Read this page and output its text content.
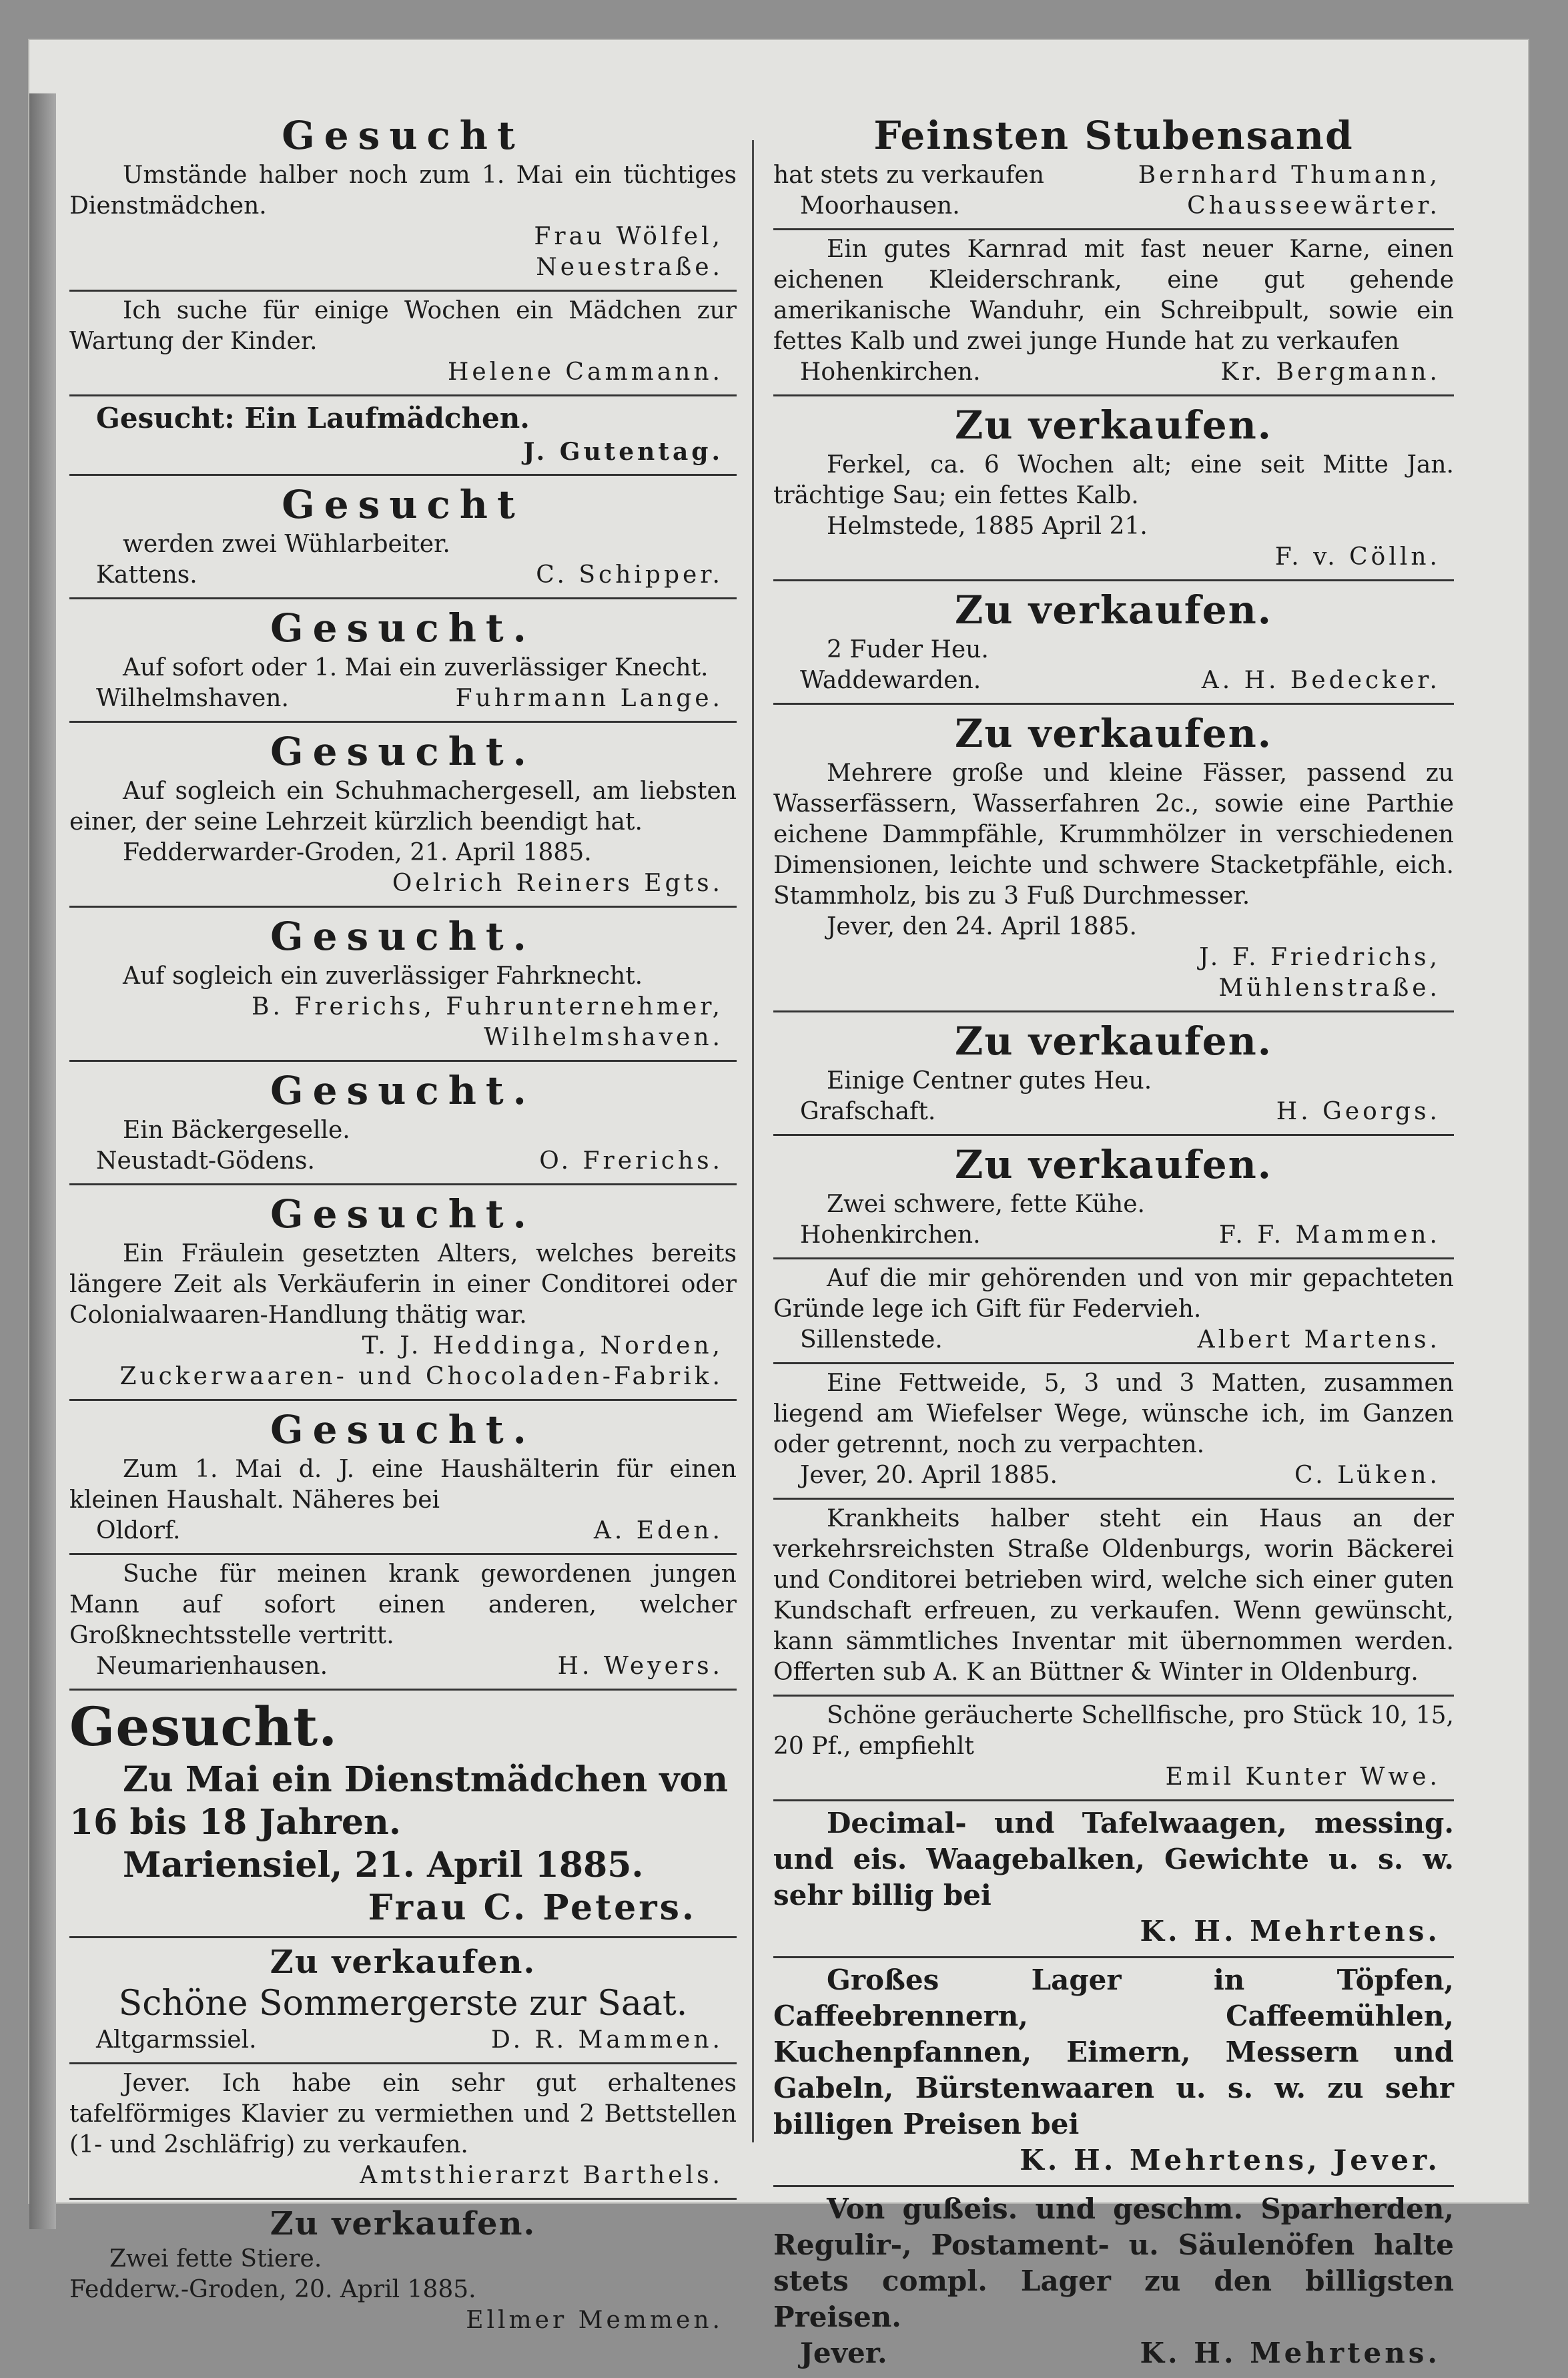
Gesucht

Umstände halber noch zum 1. Mai ein tüchtiges Dienstmädchen.

Frau Wölfel,

Neuestraße.

Ich suche für einige Wochen ein Mädchen zur Wartung der Kinder.

Helene Cammann.

Gesucht: Ein Laufmädchen.

J. Gutentag.

Gesucht

werden zwei Wühlarbeiter.

Kattens.	C. Schipper.

Gesucht.

Auf sofort oder 1. Mai ein zuverlässiger Knecht.

Wilhelmshaven.	Fuhrmann Lange.

Gesucht.

Auf sogleich ein Schuhmachergesell, am liebsten einer, der seine Lehrzeit kürzlich beendigt hat.

Fedderwarder-Groden, 21. April 1885.

Oelrich Reiners Egts.

Gesucht.

Auf sogleich ein zuverlässiger Fahrknecht.

B. Frerichs, Fuhrunternehmer,

Wilhelmshaven.

Gesucht.

Ein Bäckergeselle.

Neustadt-Gödens.	O. Frerichs.

Gesucht.

Ein Fräulein gesetzten Alters, welches bereits längere Zeit als Verkäuferin in einer Conditorei oder Colonialwaaren-Handlung thätig war.

T. J. Heddinga, Norden,

Zuckerwaaren- und Chocoladen-Fabrik.

Gesucht.

Zum 1. Mai d. J. eine Haushälterin für einen kleinen Haushalt. Näheres bei

Oldorf.	A. Eden.

Suche für meinen krank gewordenen jungen Mann auf sofort einen anderen, welcher Großknechtsstelle vertritt.

Neumarienhausen.	H. Weyers.

Gesucht.

Zu Mai ein Dienstmädchen von 16 bis 18 Jahren.

Mariensiel, 21. April 1885.

Frau C. Peters.

Zu verkaufen.

Schöne Sommergerste zur Saat.

Altgarmssiel.	D. R. Mammen.

Jever. Ich habe ein sehr gut erhaltenes tafelförmiges Klavier zu vermiethen und 2 Bettstellen (1- und 2schläfrig) zu verkaufen.

Amtsthierarzt Barthels.

Zu verkaufen.

Zwei fette Stiere.

Fedderw.-Groden, 20. April 1885.

Ellmer Memmen.

Feinsten Stubensand

hat stets zu verkaufen	Bernhard Thumann,

Moorhausen.	Chausseewärter.

Ein gutes Karnrad mit fast neuer Karne, einen eichenen Kleiderschrank, eine gut gehende amerikanische Wanduhr, ein Schreibpult, sowie ein fettes Kalb und zwei junge Hunde hat zu verkaufen

Hohenkirchen.	Kr. Bergmann.

Zu verkaufen.

Ferkel, ca. 6 Wochen alt; eine seit Mitte Jan. trächtige Sau; ein fettes Kalb.

Helmstede, 1885 April 21.

F. v. Cölln.

Zu verkaufen.

2 Fuder Heu.

Waddewarden.	A. H. Bedecker.

Zu verkaufen.

Mehrere große und kleine Fässer, passend zu Wasserfässern, Wasserfahren 2c., sowie eine Parthie eichene Dammpfähle, Krummhölzer in verschiedenen Dimensionen, leichte und schwere Stacketpfähle, eich. Stammholz, bis zu 3 Fuß Durchmesser.

Jever, den 24. April 1885.

J. F. Friedrichs,

Mühlenstraße.

Zu verkaufen.

Einige Centner gutes Heu.

Grafschaft.	H. Georgs.

Zu verkaufen.

Zwei schwere, fette Kühe.

Hohenkirchen.	F. F. Mammen.

Auf die mir gehörenden und von mir gepachteten Gründe lege ich Gift für Federvieh.

Sillenstede.	Albert Martens.

Eine Fettweide, 5, 3 und 3 Matten, zusammen liegend am Wiefelser Wege, wünsche ich, im Ganzen oder getrennt, noch zu verpachten.

Jever, 20. April 1885.	C. Lüken.

Krankheits halber steht ein Haus an der verkehrsreichsten Straße Oldenburgs, worin Bäckerei und Conditorei betrieben wird, welche sich einer guten Kundschaft erfreuen, zu verkaufen. Wenn gewünscht, kann sämmtliches Inventar mit übernommen werden. Offerten sub A. K an Büttner & Winter in Oldenburg.

Schöne geräucherte Schellfische, pro Stück 10, 15, 20 Pf., empfiehlt

Emil Kunter Wwe.

Decimal- und Tafelwaagen, messing. und eis. Waagebalken, Gewichte u. s. w. sehr billig bei

K. H. Mehrtens.

Großes Lager in Töpfen, Caffeebrennern, Caffeemühlen, Kuchenpfannen, Eimern, Messern und Gabeln, Bürstenwaaren u. s. w. zu sehr billigen Preisen bei

K. H. Mehrtens, Jever.

Von gußeis. und geschm. Sparherden, Regulir-, Postament- u. Säulenöfen halte stets compl. Lager zu den billigsten Preisen.

Jever.	K. H. Mehrtens.
